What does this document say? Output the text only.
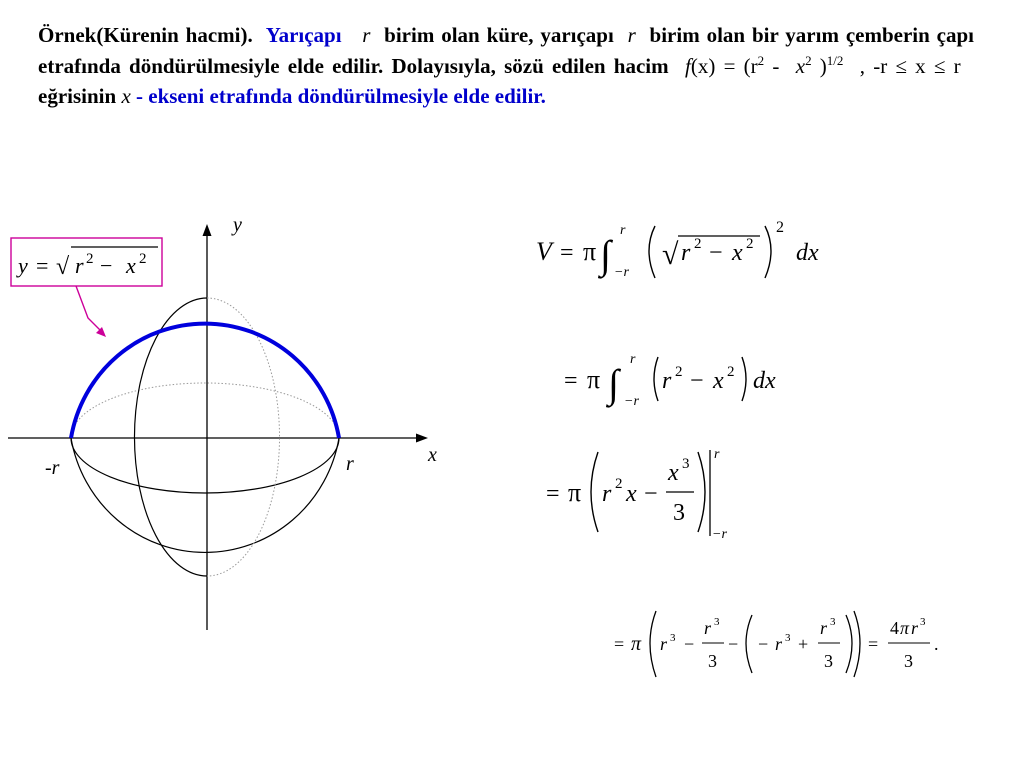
Örnek(Kürenin hacmi). Yarıçapı r birim olan küre, yarıçapı r birim olan bir yarım çemberin çapı etrafında döndürülmesiyle elde edilir. Dolayısıyla, sözü edilen hacim $f(x) = (r^2 - x^2$ )$^{1/2}$ , -r ≤ x ≤ r   eğrisinin x - ekseni etrafında döndürülmesiyle elde edilir.
y = √ r 2 − x 2
y
x
-r	r
V = π ∫
r
−r
√ r 2 − x 2
2
dx
= π ∫
r
−r
r 2 − x 2 dx
= π r 2 x −
x 3
3
r
−r
= π r 3 −
r 3
3
− − r 3 +
r 3
3
=
4 π r 3
3
.
